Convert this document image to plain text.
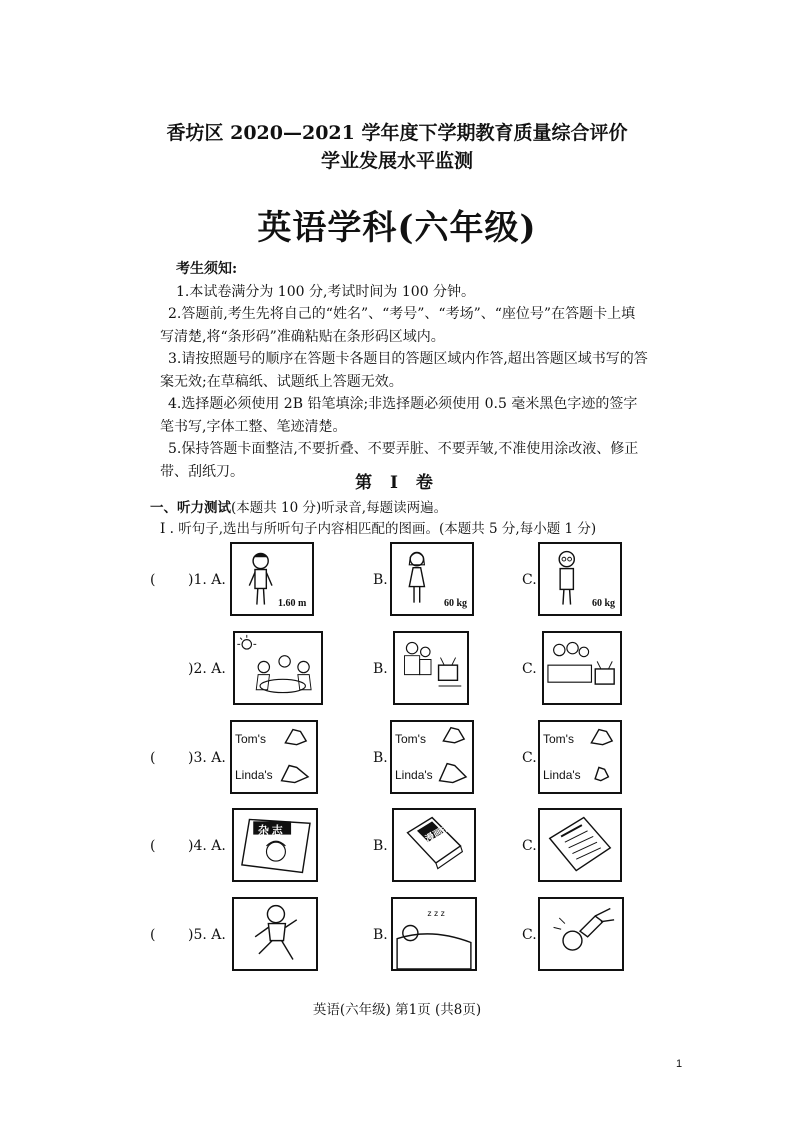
香坊区 2020—2021 学年度下学期教育质量综合评价
学业发展水平监测
英语学科(六年级)

考生须知:

1.本试卷满分为 100 分,考试时间为 100 分钟。

2.答题前,考生先将自己的“姓名”、“考号”、“考场”、“座位号”在答题卡上填写清楚,将“条形码”准确粘贴在条形码区域内。

3.请按照题号的顺序在答题卡各题目的答题区域内作答,超出答题区域书写的答案无效;在草稿纸、试题纸上答题无效。

4.选择题必须使用 2B 铅笔填涂;非选择题必须使用 0.5 毫米黑色字迹的签字笔书写,字体工整、笔迹清楚。

5.保持答题卡面整洁,不要折叠、不要弄脏、不要弄皱,不准使用涂改液、修正带、刮纸刀。

第 I 卷
一、听力测试(本题共 10 分)听录音,每题读两遍。
I . 听句子,选出与所听句子内容相匹配的图画。(本题共 5 分,每小题 1 分)
( )1. A.
1.60 m
B.
60 kg
C.
60 kg
)2. A.	B.	C.
( )3. A.
Tom's
Linda's
B.
Tom's
Linda's
C.
Tom's
Linda's
( )4. A.
杂 志
B.
漫画书
C.
( )5. A.	B.
z z z
C.
英语(六年级) 第1页 (共8页)
1
